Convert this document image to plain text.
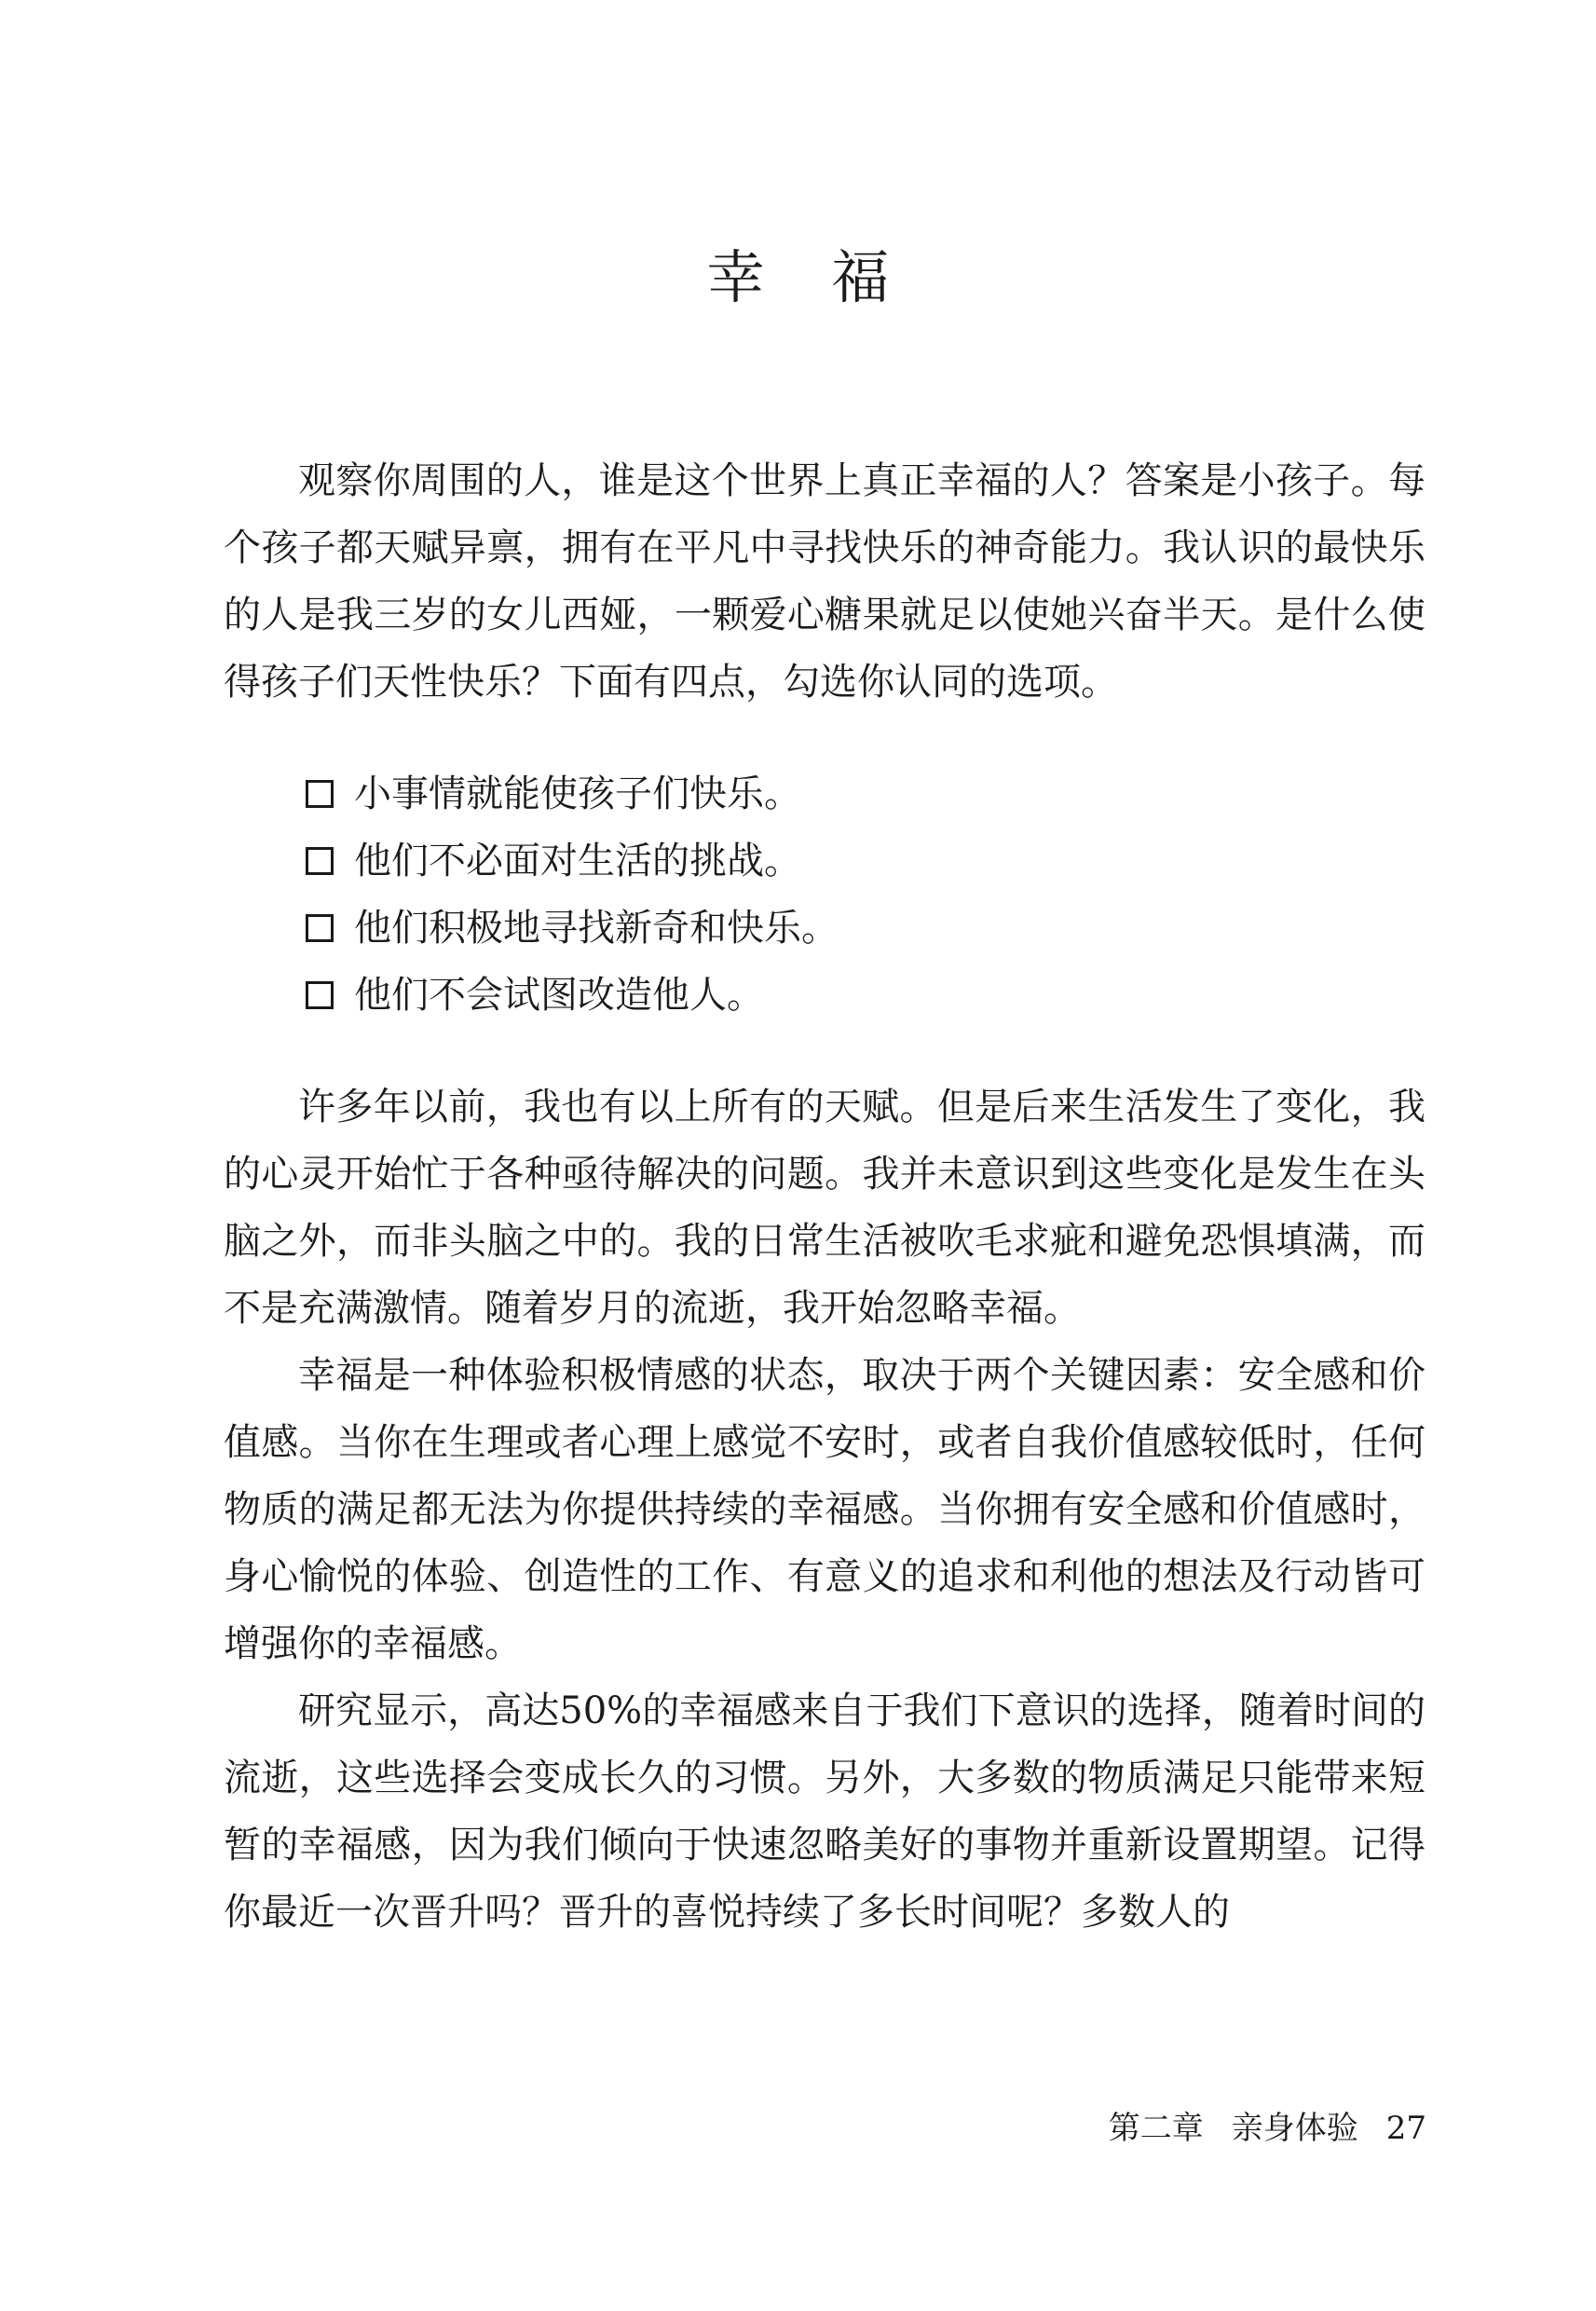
幸 福

观察你周围的人，谁是这个世界上真正幸福的人？答案是小孩子。每个孩子都天赋异禀，拥有在平凡中寻找快乐的神奇能力。我认识的最快乐的人是我三岁的女儿西娅，一颗爱心糖果就足以使她兴奋半天。是什么使得孩子们天性快乐？下面有四点，勾选你认同的选项。

小事情就能使孩子们快乐。
他们不必面对生活的挑战。
他们积极地寻找新奇和快乐。
他们不会试图改造他人。

许多年以前，我也有以上所有的天赋。但是后来生活发生了变化，我的心灵开始忙于各种亟待解决的问题。我并未意识到这些变化是发生在头脑之外，而非头脑之中的。我的日常生活被吹毛求疵和避免恐惧填满，而不是充满激情。随着岁月的流逝，我开始忽略幸福。

幸福是一种体验积极情感的状态，取决于两个关键因素：安全感和价值感。当你在生理或者心理上感觉不安时，或者自我价值感较低时，任何物质的满足都无法为你提供持续的幸福感。当你拥有安全感和价值感时，身心愉悦的体验、创造性的工作、有意义的追求和利他的想法及行动皆可增强你的幸福感。

研究显示，高达50%的幸福感来自于我们下意识的选择，随着时间的流逝，这些选择会变成长久的习惯。另外，大多数的物质满足只能带来短暂的幸福感，因为我们倾向于快速忽略美好的事物并重新设置期望。记得你最近一次晋升吗？晋升的喜悦持续了多长时间呢？多数人的

第二章 亲身体验 27
